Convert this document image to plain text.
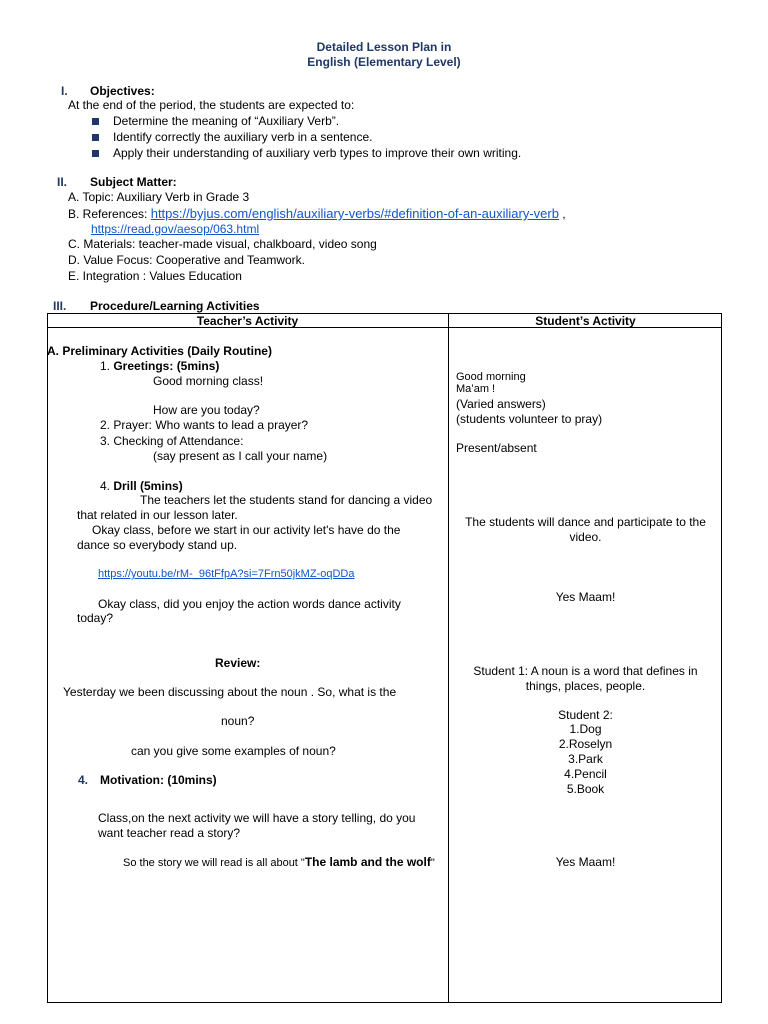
Detailed Lesson Plan in
English (Elementary Level)
I. Objectives:
At the end of the period, the students are expected to:
Determine the meaning of “Auxiliary Verb”.
Identify correctly the auxiliary verb in a sentence.
Apply their understanding of auxiliary verb types to improve their own writing.
II. Subject Matter:
A. Topic: Auxiliary Verb in Grade 3
B. References: https://byjus.com/english/auxiliary-verbs/#definition-of-an-auxiliary-verb ,
https://read.gov/aesop/063.html
C. Materials: teacher-made visual, chalkboard, video song
D. Value Focus: Cooperative and Teamwork.
E. Integration : Values Education
III. Procedure/Learning Activities
Teacher’s Activity	Student’s Activity
A. Preliminary Activities (Daily Routine)
1. Greetings: (5mins)
Good morning class!
How are you today?
2. Prayer: Who wants to lead a prayer?
3. Checking of Attendance:
(say present as I call your name)
4. Drill (5mins)
The teachers let the students stand for dancing a video
that related in our lesson later.
Okay class, before we start in our activity let's have do the
dance so everybody stand up.
https://youtu.be/rM-_96tFfpA?si=7Frn50jkMZ-oqDDa
Okay class, did you enjoy the action words dance activity
today?
Review:
Yesterday we been discussing about the noun . So, what is the
noun?
can you give some examples of noun?
4. Motivation: (10mins)
Class,on the next activity we will have a story telling, do you
want teacher read a story?
So the story we will read is all about "The lamb and the wolf"
Good morning
Ma’am !
(Varied answers)
(students volunteer to pray)
Present/absent
The students will dance and participate to the
video.
Yes Maam!
Student 1: A noun is a word that defines in
things, places, people.
Student 2:
1.Dog
2.Roselyn
3.Park
4.Pencil
5.Book
Yes Maam!
